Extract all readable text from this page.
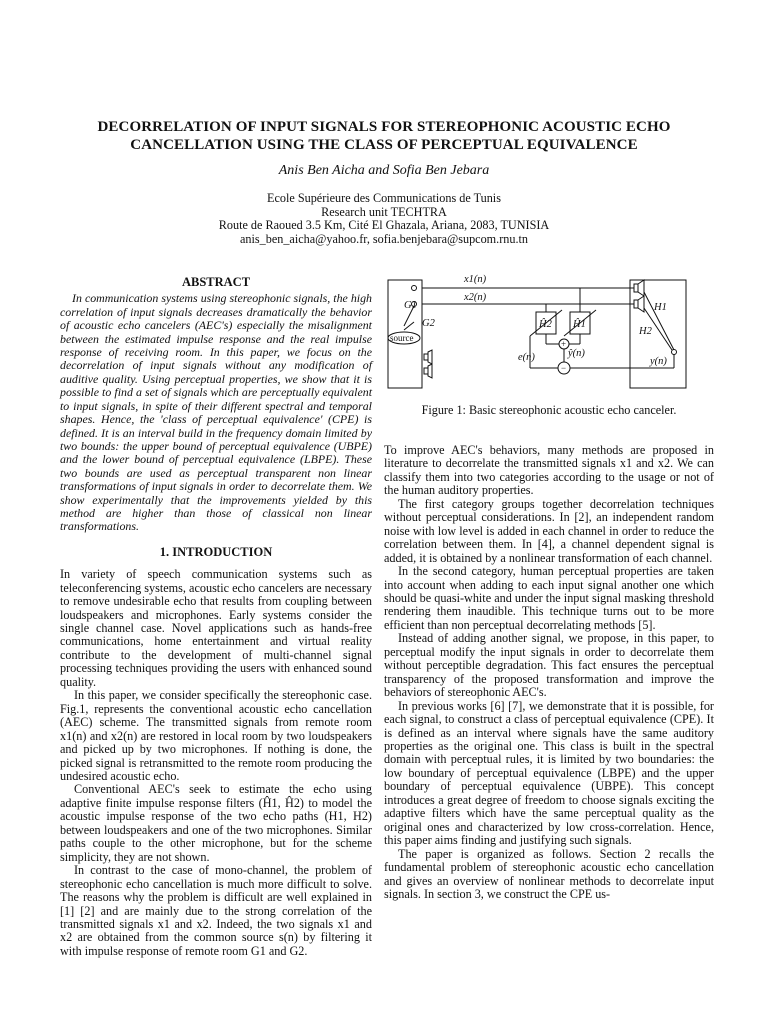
DECORRELATION OF INPUT SIGNALS FOR STEREOPHONIC ACOUSTIC ECHO
CANCELLATION USING THE CLASS OF PERCEPTUAL EQUIVALENCE
Anis Ben Aicha and Sofia Ben Jebara
Ecole Supérieure des Communications de Tunis
Research unit TECHTRA
Route de Raoued 3.5 Km, Cité El Ghazala, Ariana, 2083, TUNISIA
anis_ben_aicha@yahoo.fr, sofia.benjebara@supcom.rnu.tn
ABSTRACT
In communication systems using stereophonic signals, the high correlation of input signals decreases dramatically the behavior of acoustic echo cancelers (AEC's) especially the misalignment between the estimated impulse response and the real impulse response of receiving room. In this paper, we focus on the decorrelation of input signals without any modification of auditive quality. Using perceptual properties, we show that it is possible to find a set of signals which are perceptually equivalent to input signals, in spite of their different spectral and temporal shapes. Hence, the 'class of perceptual equivalence' (CPE) is defined. It is an interval build in the frequency domain limited by two bounds: the upper bound of perceptual equivalence (UBPE) and the lower bound of perceptual equivalence (LBPE). These two bounds are used as perceptual transparent non linear transformations of input signals in order to decorrelate them. We show experimentally that the improvements yielded by this method are higher than those of classical non linear transformations.
1. INTRODUCTION

In variety of speech communication systems such as teleconferencing systems, acoustic echo cancelers are necessary to remove undesirable echo that results from coupling between loudspeakers and microphones. Early systems consider the single channel case. Novel applications such as hands-free communications, home entertainment and virtual reality contribute to the development of multi-channel signal processing techniques providing the users with enhanced sound quality.

In this paper, we consider specifically the stereophonic case. Fig.1, represents the conventional acoustic echo cancellation (AEC) scheme. The transmitted signals from remote room x1(n) and x2(n) are restored in local room by two loudspeakers and picked up by two microphones. If nothing is done, the picked signal is retransmitted to the remote room producing the undesired acoustic echo.

Conventional AEC's seek to estimate the echo using adaptive finite impulse response filters (Ĥ1, Ĥ2) to model the acoustic impulse response of the two echo paths (H1, H2) between loudspeakers and one of the two microphones. Similar paths couple to the other microphone, but for the scheme simplicity, they are not shown.

In contrast to the case of mono-channel, the problem of stereophonic echo cancellation is much more difficult to solve. The reasons why the problem is difficult are well explained in [1] [2] and are mainly due to the strong correlation of the transmitted signals x1 and x2. Indeed, the two signals x1 and x2 are obtained from the common source s(n) by filtering it with impulse response of remote room G1 and G2.

x1(n)
x2(n)
G1
G2	Ĥ2 Ĥ1
H1
H2
e(n)	ŷ(n)
y(n)
source
+
−
Figure 1: Basic stereophonic acoustic echo canceler.

To improve AEC's behaviors, many methods are proposed in literature to decorrelate the transmitted signals x1 and x2. We can classify them into two categories according to the usage or not of the human auditory properties.

The first category groups together decorrelation techniques without perceptual considerations. In [2], an independent random noise with low level is added in each channel in order to reduce the correlation between them. In [4], a channel dependent signal is added, it is obtained by a nonlinear transformation of each channel.

In the second category, human perceptual properties are taken into account when adding to each input signal another one which should be quasi-white and under the input signal masking threshold rendering them inaudible. This technique turns out to be more efficient than non perceptual decorrelating methods [5].

Instead of adding another signal, we propose, in this paper, to perceptual modify the input signals in order to decorrelate them without perceptible degradation. This fact ensures the perceptual transparency of the proposed transformation and improve the behaviors of stereophonic AEC's.

In previous works [6] [7], we demonstrate that it is possible, for each signal, to construct a class of perceptual equivalence (CPE). It is defined as an interval where signals have the same auditory properties as the original one. This class is built in the spectral domain with perceptual rules, it is limited by two boundaries: the low boundary of perceptual equivalence (LBPE) and the upper boundary of perceptual equivalence (UBPE). This concept introduces a great degree of freedom to choose signals exciting the adaptive filters which have the same perceptual quality as the original ones and characterized by low cross-correlation. Hence, this paper aims finding and justifying such signals.

The paper is organized as follows. Section 2 recalls the fundamental problem of stereophonic acoustic echo cancellation and gives an overview of nonlinear methods to decorrelate input signals. In section 3, we construct the CPE us-
